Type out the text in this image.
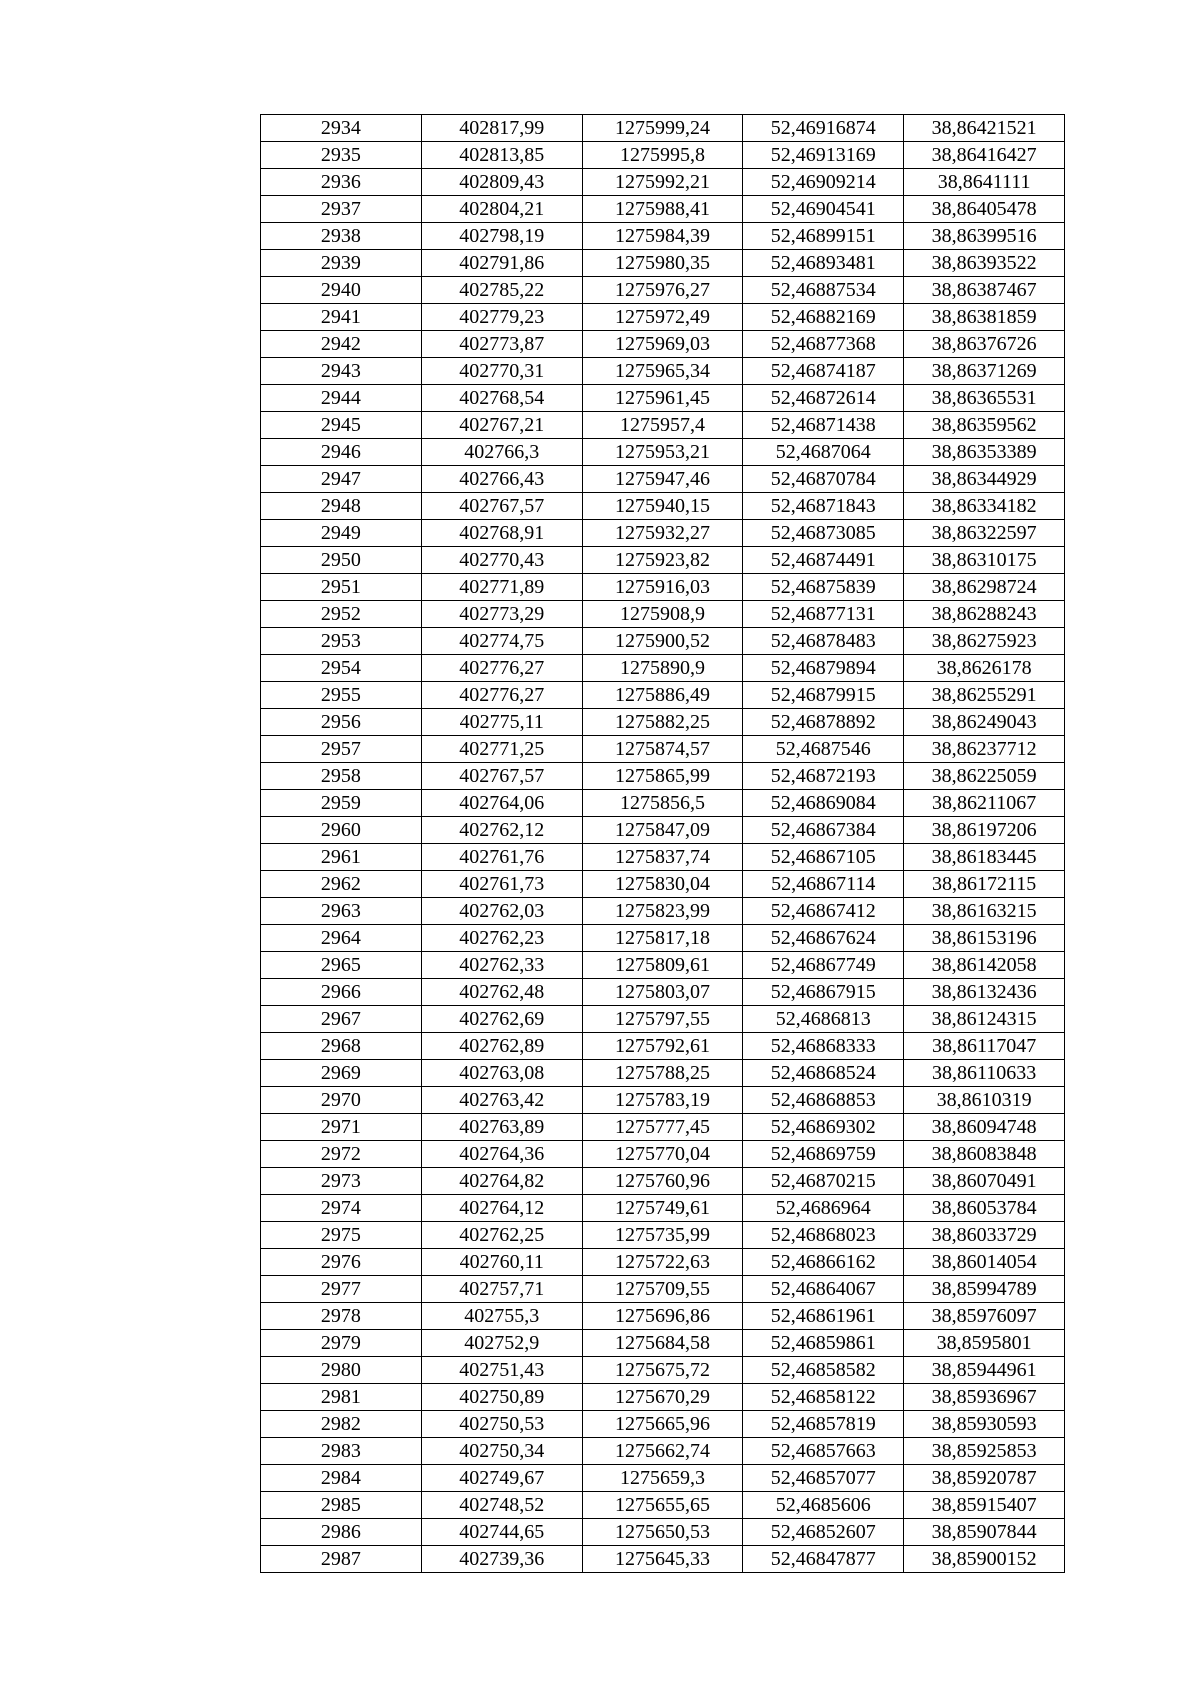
2934	402817,99	1275999,24	52,46916874	38,86421521
2935	402813,85	1275995,8	52,46913169	38,86416427
2936	402809,43	1275992,21	52,46909214	38,8641111
2937	402804,21	1275988,41	52,46904541	38,86405478
2938	402798,19	1275984,39	52,46899151	38,86399516
2939	402791,86	1275980,35	52,46893481	38,86393522
2940	402785,22	1275976,27	52,46887534	38,86387467
2941	402779,23	1275972,49	52,46882169	38,86381859
2942	402773,87	1275969,03	52,46877368	38,86376726
2943	402770,31	1275965,34	52,46874187	38,86371269
2944	402768,54	1275961,45	52,46872614	38,86365531
2945	402767,21	1275957,4	52,46871438	38,86359562
2946	402766,3	1275953,21	52,4687064	38,86353389
2947	402766,43	1275947,46	52,46870784	38,86344929
2948	402767,57	1275940,15	52,46871843	38,86334182
2949	402768,91	1275932,27	52,46873085	38,86322597
2950	402770,43	1275923,82	52,46874491	38,86310175
2951	402771,89	1275916,03	52,46875839	38,86298724
2952	402773,29	1275908,9	52,46877131	38,86288243
2953	402774,75	1275900,52	52,46878483	38,86275923
2954	402776,27	1275890,9	52,46879894	38,8626178
2955	402776,27	1275886,49	52,46879915	38,86255291
2956	402775,11	1275882,25	52,46878892	38,86249043
2957	402771,25	1275874,57	52,4687546	38,86237712
2958	402767,57	1275865,99	52,46872193	38,86225059
2959	402764,06	1275856,5	52,46869084	38,86211067
2960	402762,12	1275847,09	52,46867384	38,86197206
2961	402761,76	1275837,74	52,46867105	38,86183445
2962	402761,73	1275830,04	52,46867114	38,86172115
2963	402762,03	1275823,99	52,46867412	38,86163215
2964	402762,23	1275817,18	52,46867624	38,86153196
2965	402762,33	1275809,61	52,46867749	38,86142058
2966	402762,48	1275803,07	52,46867915	38,86132436
2967	402762,69	1275797,55	52,4686813	38,86124315
2968	402762,89	1275792,61	52,46868333	38,86117047
2969	402763,08	1275788,25	52,46868524	38,86110633
2970	402763,42	1275783,19	52,46868853	38,8610319
2971	402763,89	1275777,45	52,46869302	38,86094748
2972	402764,36	1275770,04	52,46869759	38,86083848
2973	402764,82	1275760,96	52,46870215	38,86070491
2974	402764,12	1275749,61	52,4686964	38,86053784
2975	402762,25	1275735,99	52,46868023	38,86033729
2976	402760,11	1275722,63	52,46866162	38,86014054
2977	402757,71	1275709,55	52,46864067	38,85994789
2978	402755,3	1275696,86	52,46861961	38,85976097
2979	402752,9	1275684,58	52,46859861	38,8595801
2980	402751,43	1275675,72	52,46858582	38,85944961
2981	402750,89	1275670,29	52,46858122	38,85936967
2982	402750,53	1275665,96	52,46857819	38,85930593
2983	402750,34	1275662,74	52,46857663	38,85925853
2984	402749,67	1275659,3	52,46857077	38,85920787
2985	402748,52	1275655,65	52,4685606	38,85915407
2986	402744,65	1275650,53	52,46852607	38,85907844
2987	402739,36	1275645,33	52,46847877	38,85900152
